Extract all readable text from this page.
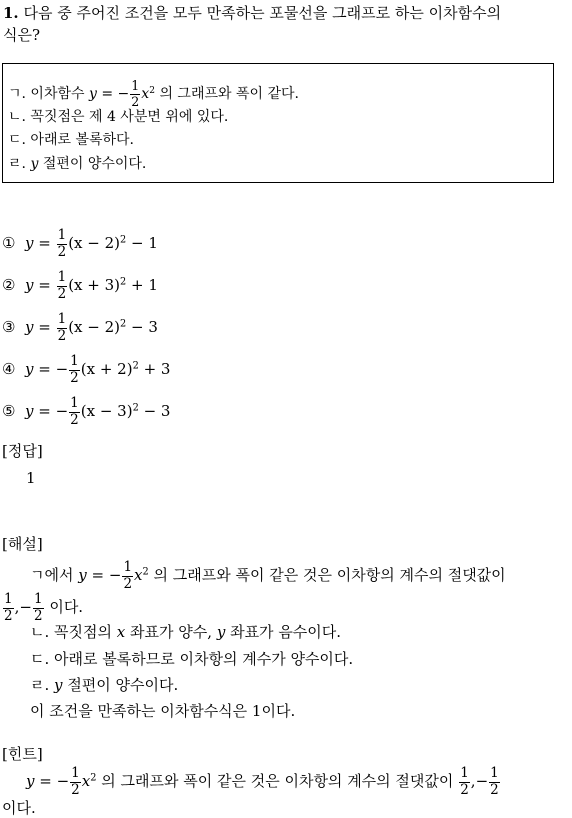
1. 다음 중 주어진 조건을 모두 만족하는 포물선을 그래프로 하는 이차함수의
식은?
ㄱ. 이차함수 y = − $\frac{1}{2} x^2$ 의 그래프와 폭이 같다.
ㄴ. 꼭짓점은 제 4 사분면 위에 있다.
ㄷ. 아래로 볼록하다.
ㄹ. y 절편이 양수이다.
① $y = \frac{1}{2} (x - 2)^2 - 1$
② $y = \frac{1}{2} (x + 3)^2 + 1$
③ $y = \frac{1}{2} (x - 2)^2 - 3$
④ y = − $\frac{1}{2} (x + 2)^2 + 3$
⑤ y = − $\frac{1}{2} (x - 3)^2 - 3$
[정답]
1
[해설]
ㄱ에서 y = − $\frac{1}{2} x^2$ 의 그래프와 폭이 같은 것은 이차항의 계수의 절댓값이
$\frac{1}{2}$ ,− $\frac{1}{2}$ 이다.
ㄴ. 꼭짓점의 x 좌표가 양수, y 좌표가 음수이다.
ㄷ. 아래로 볼록하므로 이차항의 계수가 양수이다.
ㄹ. y 절편이 양수이다.
이 조건을 만족하는 이차함수식은 1이다.
[힌트]
y = − $\frac{1}{2} x^2$ 의 그래프와 폭이 같은 것은 이차항의 계수의 절댓값이 $\frac{1}{2}$ ,− $\frac{1}{2}$
이다.
